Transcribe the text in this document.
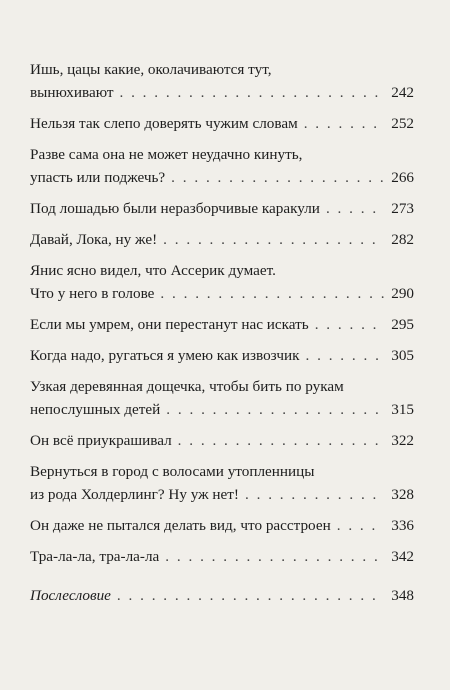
Ишь, цацы какие, околачиваются тут,
вынюхивают . . .	242
Нельзя так слепо доверять чужим словам . . .	252
Разве сама она не может неудачно кинуть,
упасть или поджечь? . . .	266
Под лошадью были неразборчивые каракули . . .	273
Давай, Лока, ну же! . . .	282
Янис ясно видел, что Ассерик думает.
Что у него в голове . . .	290
Если мы умрем, они перестанут нас искать . . .	295
Когда надо, ругаться я умею как извозчик . . .	305
Узкая деревянная дощечка, чтобы бить по рукам
непослушных детей . . .	315
Он всё приукрашивал . . .	322
Вернуться в город с волосами утопленницы
из рода Холдерлинг? Ну уж нет! . . .	328
Он даже не пытался делать вид, что расстроен . . .	336
Тра-ла-ла, тра-ла-ла . . .	342
Послесловие . . .	348
